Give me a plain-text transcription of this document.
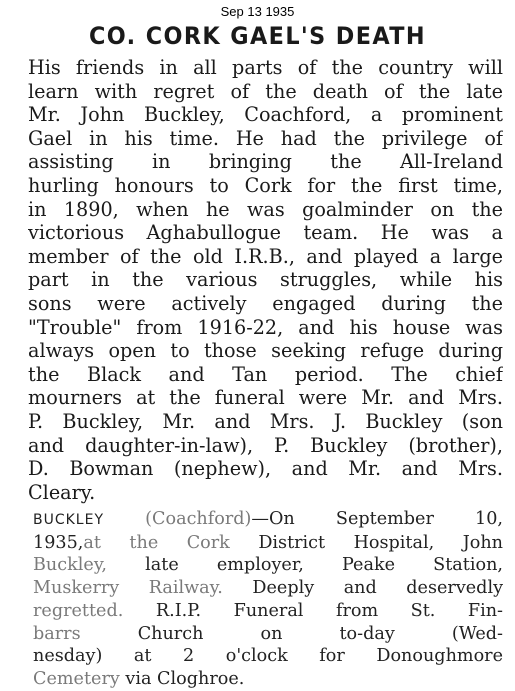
Sep 13 1935
CO. CORK GAEL'S DEATH
His friends in all parts of the country will
learn with regret of the death of the late
Mr. John Buckley, Coachford, a prominent
Gael in his time. He had the privilege of
assisting in bringing the All-Ireland
hurling honours to Cork for the first time,
in 1890, when he was goalminder on the
victorious Aghabullogue team. He was a
member of the old I.R.B., and played a large
part in the various struggles, while his
sons were actively engaged during the
"Trouble" from 1916-22, and his house was
always open to those seeking refuge during
the Black and Tan period. The chief
mourners at the funeral were Mr. and Mrs.
P. Buckley, Mr. and Mrs. J. Buckley (son
and daughter-in-law), P. Buckley (brother),
D. Bowman (nephew), and Mr. and Mrs.
Cleary.
BUCKLEY (Coachford)—On September 10,
1935,at the Cork District Hospital, John
Buckley, late employer, Peake Station,
Muskerry Railway. Deeply and deservedly
regretted. R.I.P. Funeral from St. Fin-
barrs	Church on to-day (Wed-
nesday) at 2 o'clock for Donoughmore
Cemetery via Cloghroe.
